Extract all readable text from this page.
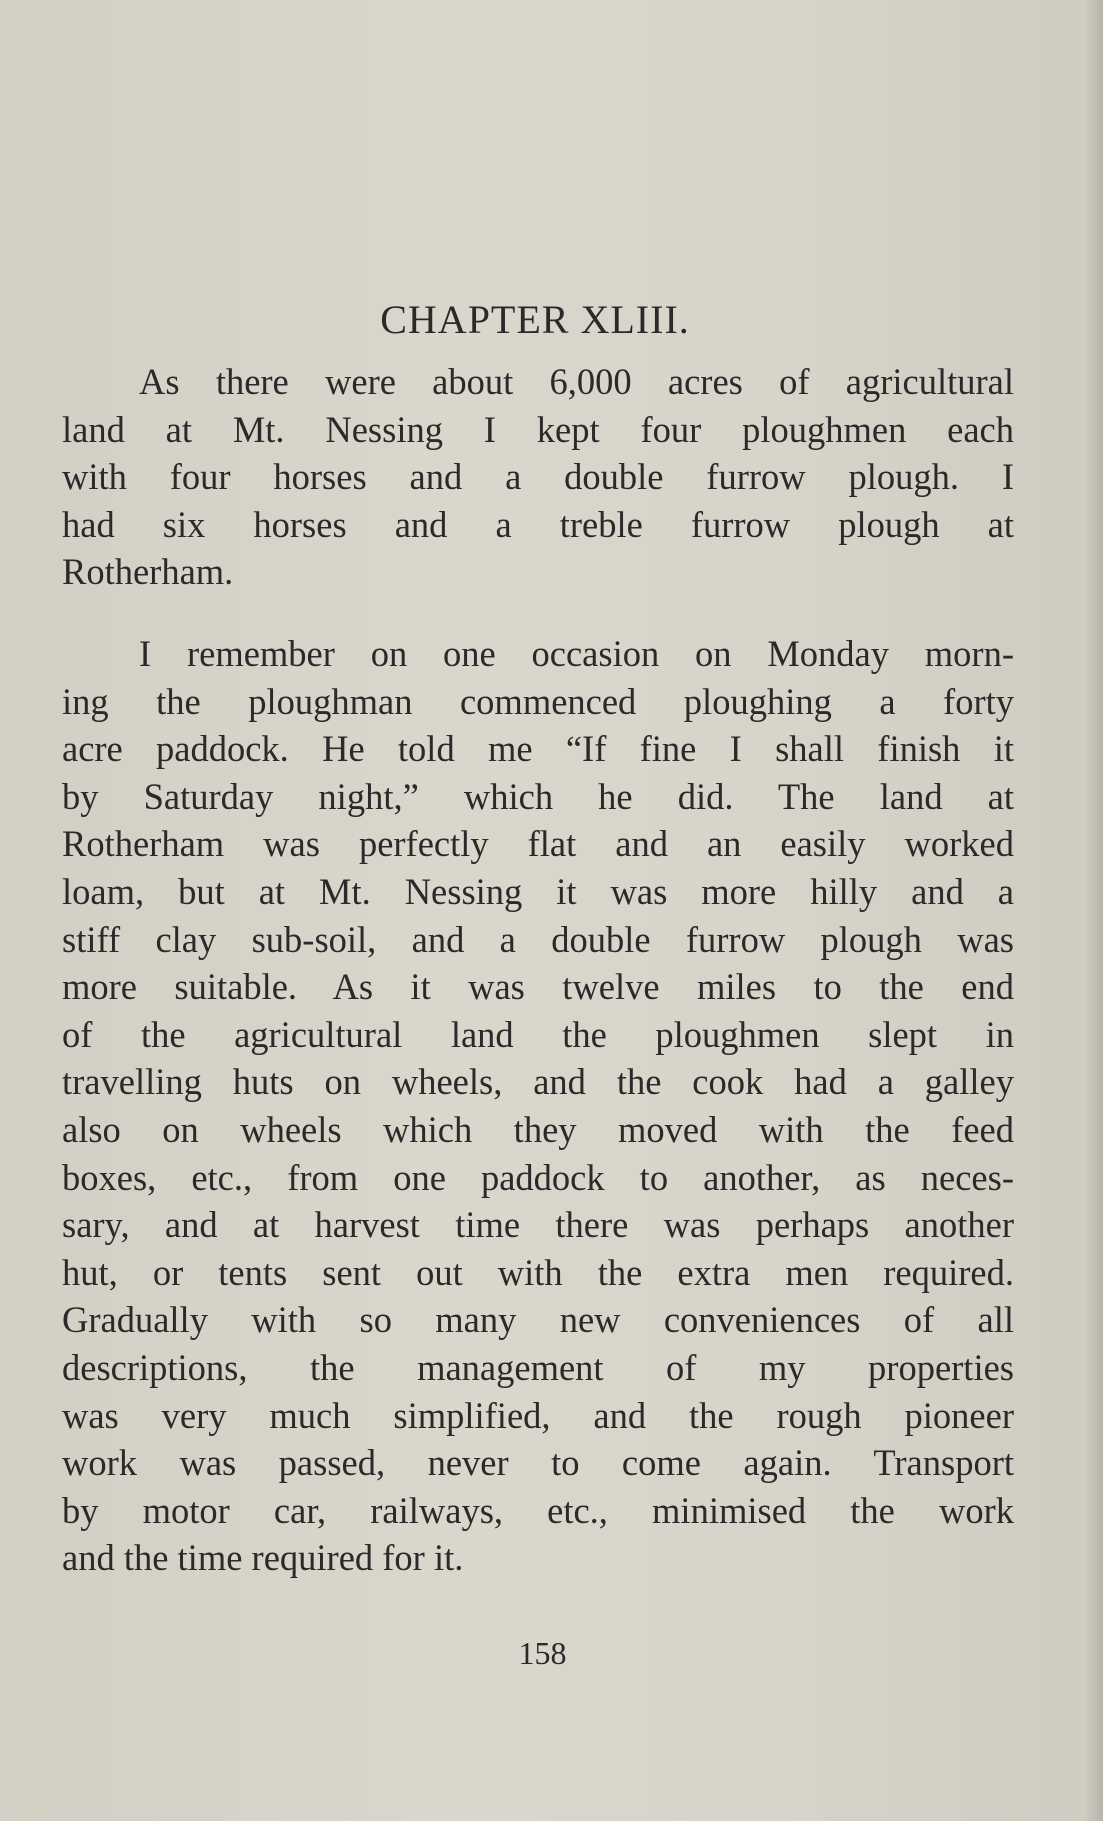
CHAPTER XLIII.
As there were about 6,000 acres of agricultural
land at Mt. Nessing I kept four ploughmen each
with four horses and a double furrow plough. I
had six horses and a treble furrow plough at
Rotherham.
I remember on one occasion on Monday morn-
ing the ploughman commenced ploughing a forty
acre paddock. He told me “If fine I shall finish it
by Saturday night,” which he did. The land at
Rotherham was perfectly flat and an easily worked
loam, but at Mt. Nessing it was more hilly and a
stiff clay sub-soil, and a double furrow plough was
more suitable. As it was twelve miles to the end
of the agricultural land the ploughmen slept in
travelling huts on wheels, and the cook had a galley
also on wheels which they moved with the feed
boxes, etc., from one paddock to another, as neces-
sary, and at harvest time there was perhaps another
hut, or tents sent out with the extra men required.
Gradually with so many new conveniences of all
descriptions, the management of my properties
was very much simplified, and the rough pioneer
work was passed, never to come again. Transport
by motor car, railways, etc., minimised the work
and the time required for it.
158
